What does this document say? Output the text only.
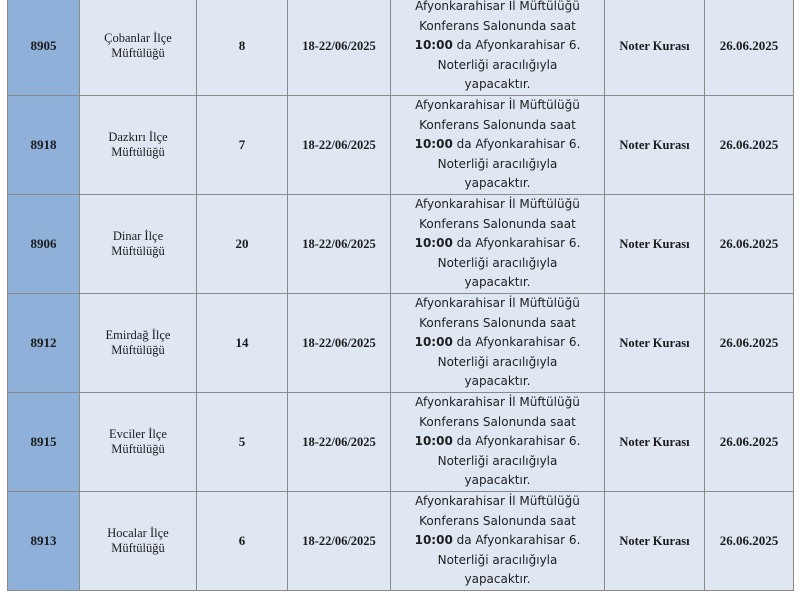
8905	Çobanlar İlçe
Müftülüğü	8	18-22/06/2025	Afyonkarahisar İl Müftülüğü
Konferans Salonunda saat
10:00 da Afyonkarahisar 6.
Noterliği aracılığıyla
yapacaktır.	Noter Kurası	26.06.2025
8918	Dazkırı İlçe
Müftülüğü	7	18-22/06/2025	Afyonkarahisar İl Müftülüğü
Konferans Salonunda saat
10:00 da Afyonkarahisar 6.
Noterliği aracılığıyla
yapacaktır.	Noter Kurası	26.06.2025
8906	Dinar İlçe
Müftülüğü	20	18-22/06/2025	Afyonkarahisar İl Müftülüğü
Konferans Salonunda saat
10:00 da Afyonkarahisar 6.
Noterliği aracılığıyla
yapacaktır.	Noter Kurası	26.06.2025
8912	Emirdağ İlçe
Müftülüğü	14	18-22/06/2025	Afyonkarahisar İl Müftülüğü
Konferans Salonunda saat
10:00 da Afyonkarahisar 6.
Noterliği aracılığıyla
yapacaktır.	Noter Kurası	26.06.2025
8915	Evciler İlçe
Müftülüğü	5	18-22/06/2025	Afyonkarahisar İl Müftülüğü
Konferans Salonunda saat
10:00 da Afyonkarahisar 6.
Noterliği aracılığıyla
yapacaktır.	Noter Kurası	26.06.2025
8913	Hocalar İlçe
Müftülüğü	6	18-22/06/2025	Afyonkarahisar İl Müftülüğü
Konferans Salonunda saat
10:00 da Afyonkarahisar 6.
Noterliği aracılığıyla
yapacaktır.	Noter Kurası	26.06.2025
